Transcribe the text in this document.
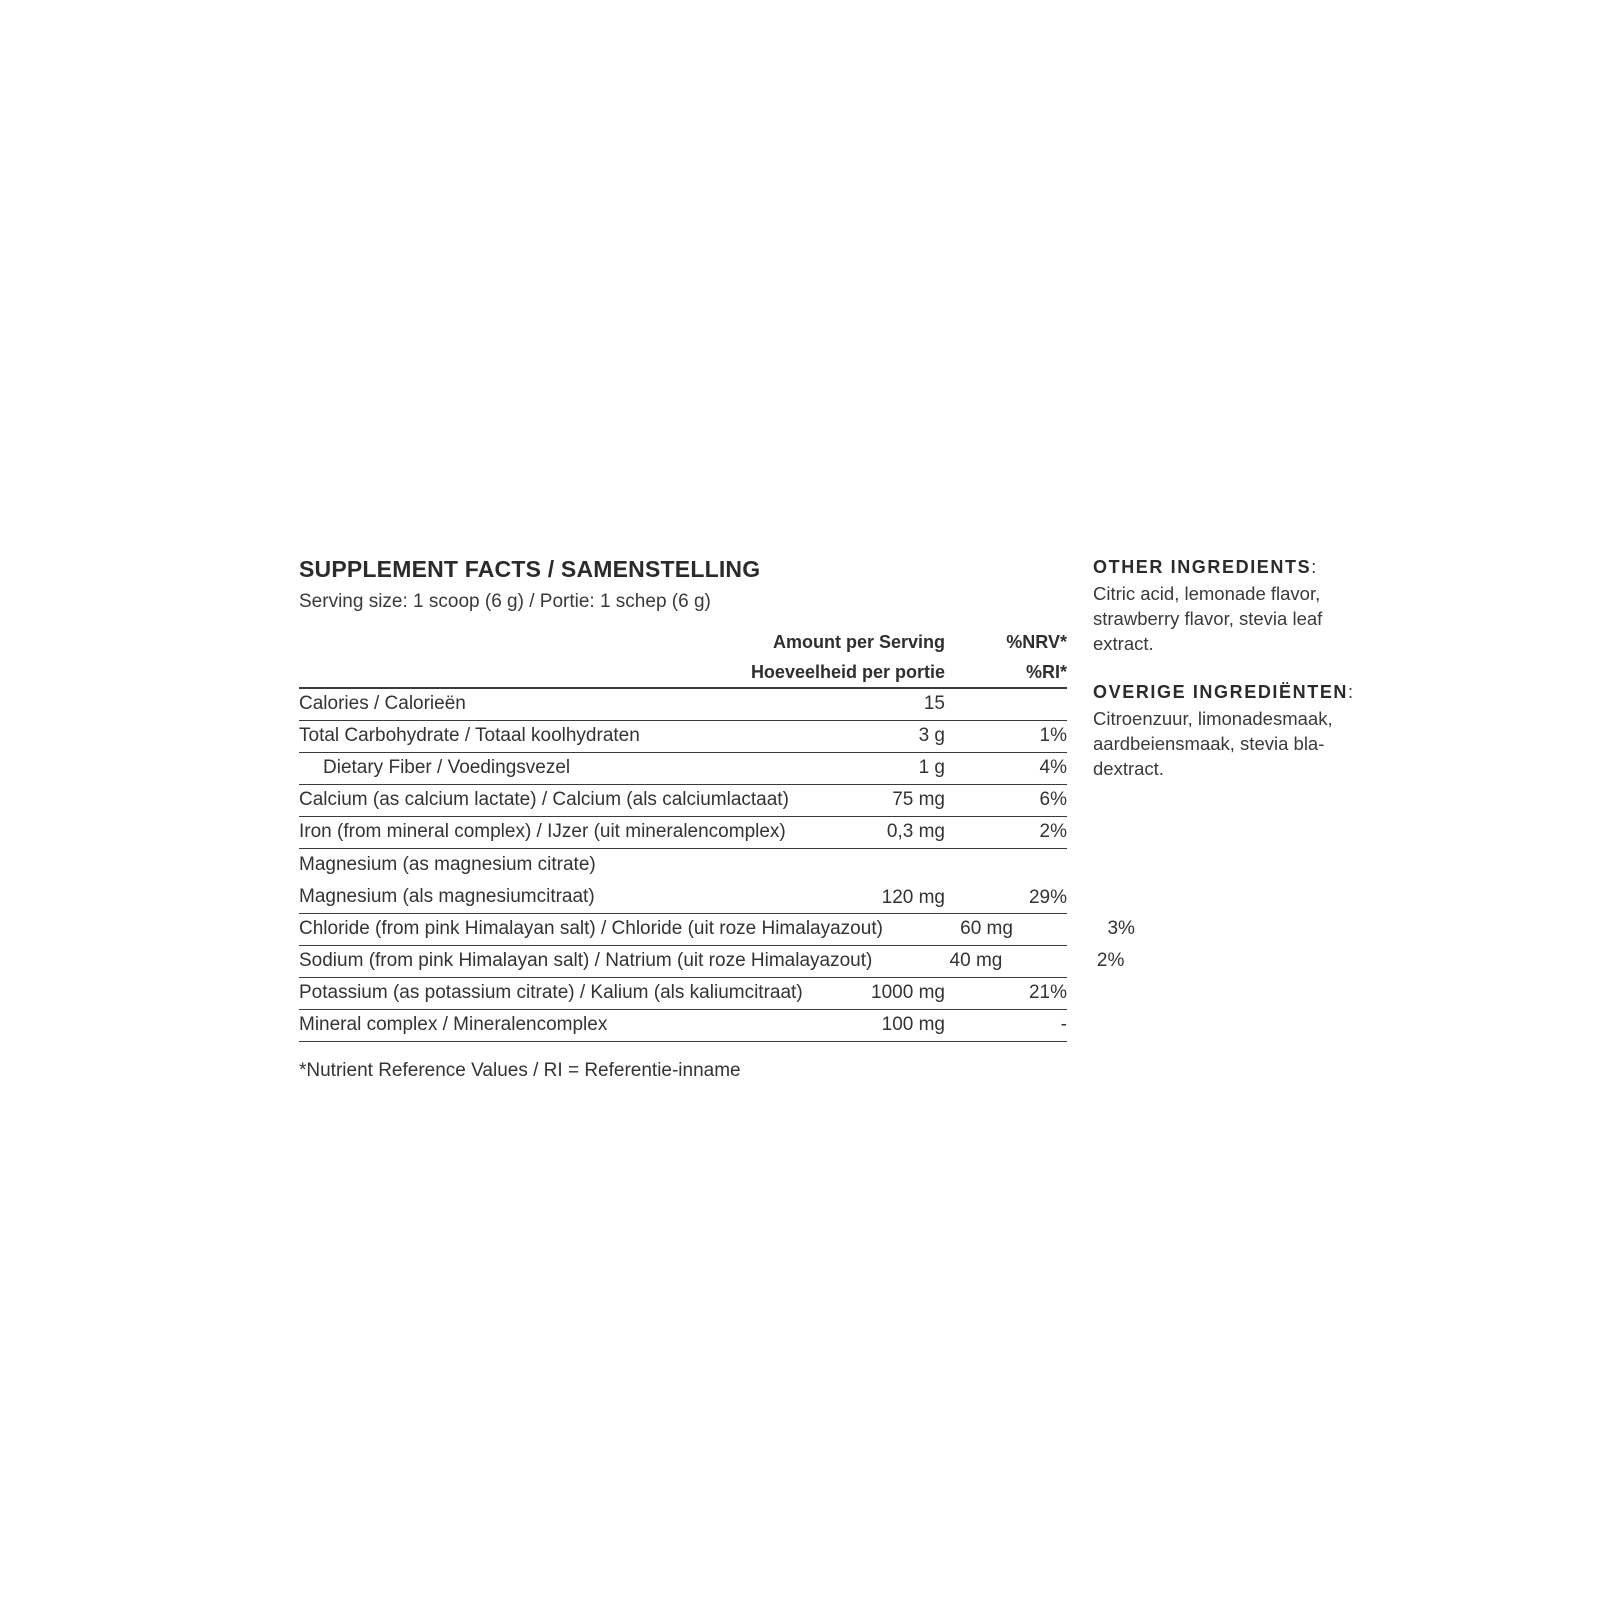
SUPPLEMENT FACTS / SAMENSTELLING
Serving size: 1 scoop (6 g) / Portie: 1 schep (6 g)
Amount per Serving	%NRV*
Hoeveelheid per portie	%RI*
Calories / Calorieën	15
Total Carbohydrate / Totaal koolhydraten	3 g	1%
Dietary Fiber / Voedingsvezel	1 g	4%
Calcium (as calcium lactate) / Calcium (als calciumlactaat)	75 mg	6%
Iron (from mineral complex) / IJzer (uit mineralencomplex)	0,3 mg	2%
Magnesium (as magnesium citrate)
Magnesium (als magnesiumcitraat)	120 mg	29%
Chloride (from pink Himalayan salt) / Chloride (uit roze Himalayazout)	60 mg	3%
Sodium (from pink Himalayan salt) / Natrium (uit roze Himalayazout)	40 mg	2%
Potassium (as potassium citrate) / Kalium (als kaliumcitraat)	1000 mg	21%
Mineral complex / Mineralencomplex	100 mg	-
*Nutrient Reference Values / RI = Referentie-inname
OTHER INGREDIENTS:
Citric acid, lemonade flavor, strawberry flavor, stevia leaf extract.
OVERIGE INGREDIËNTEN:
Citroenzuur, limonadesmaak, aardbeiensmaak, stevia bla-dextract.
